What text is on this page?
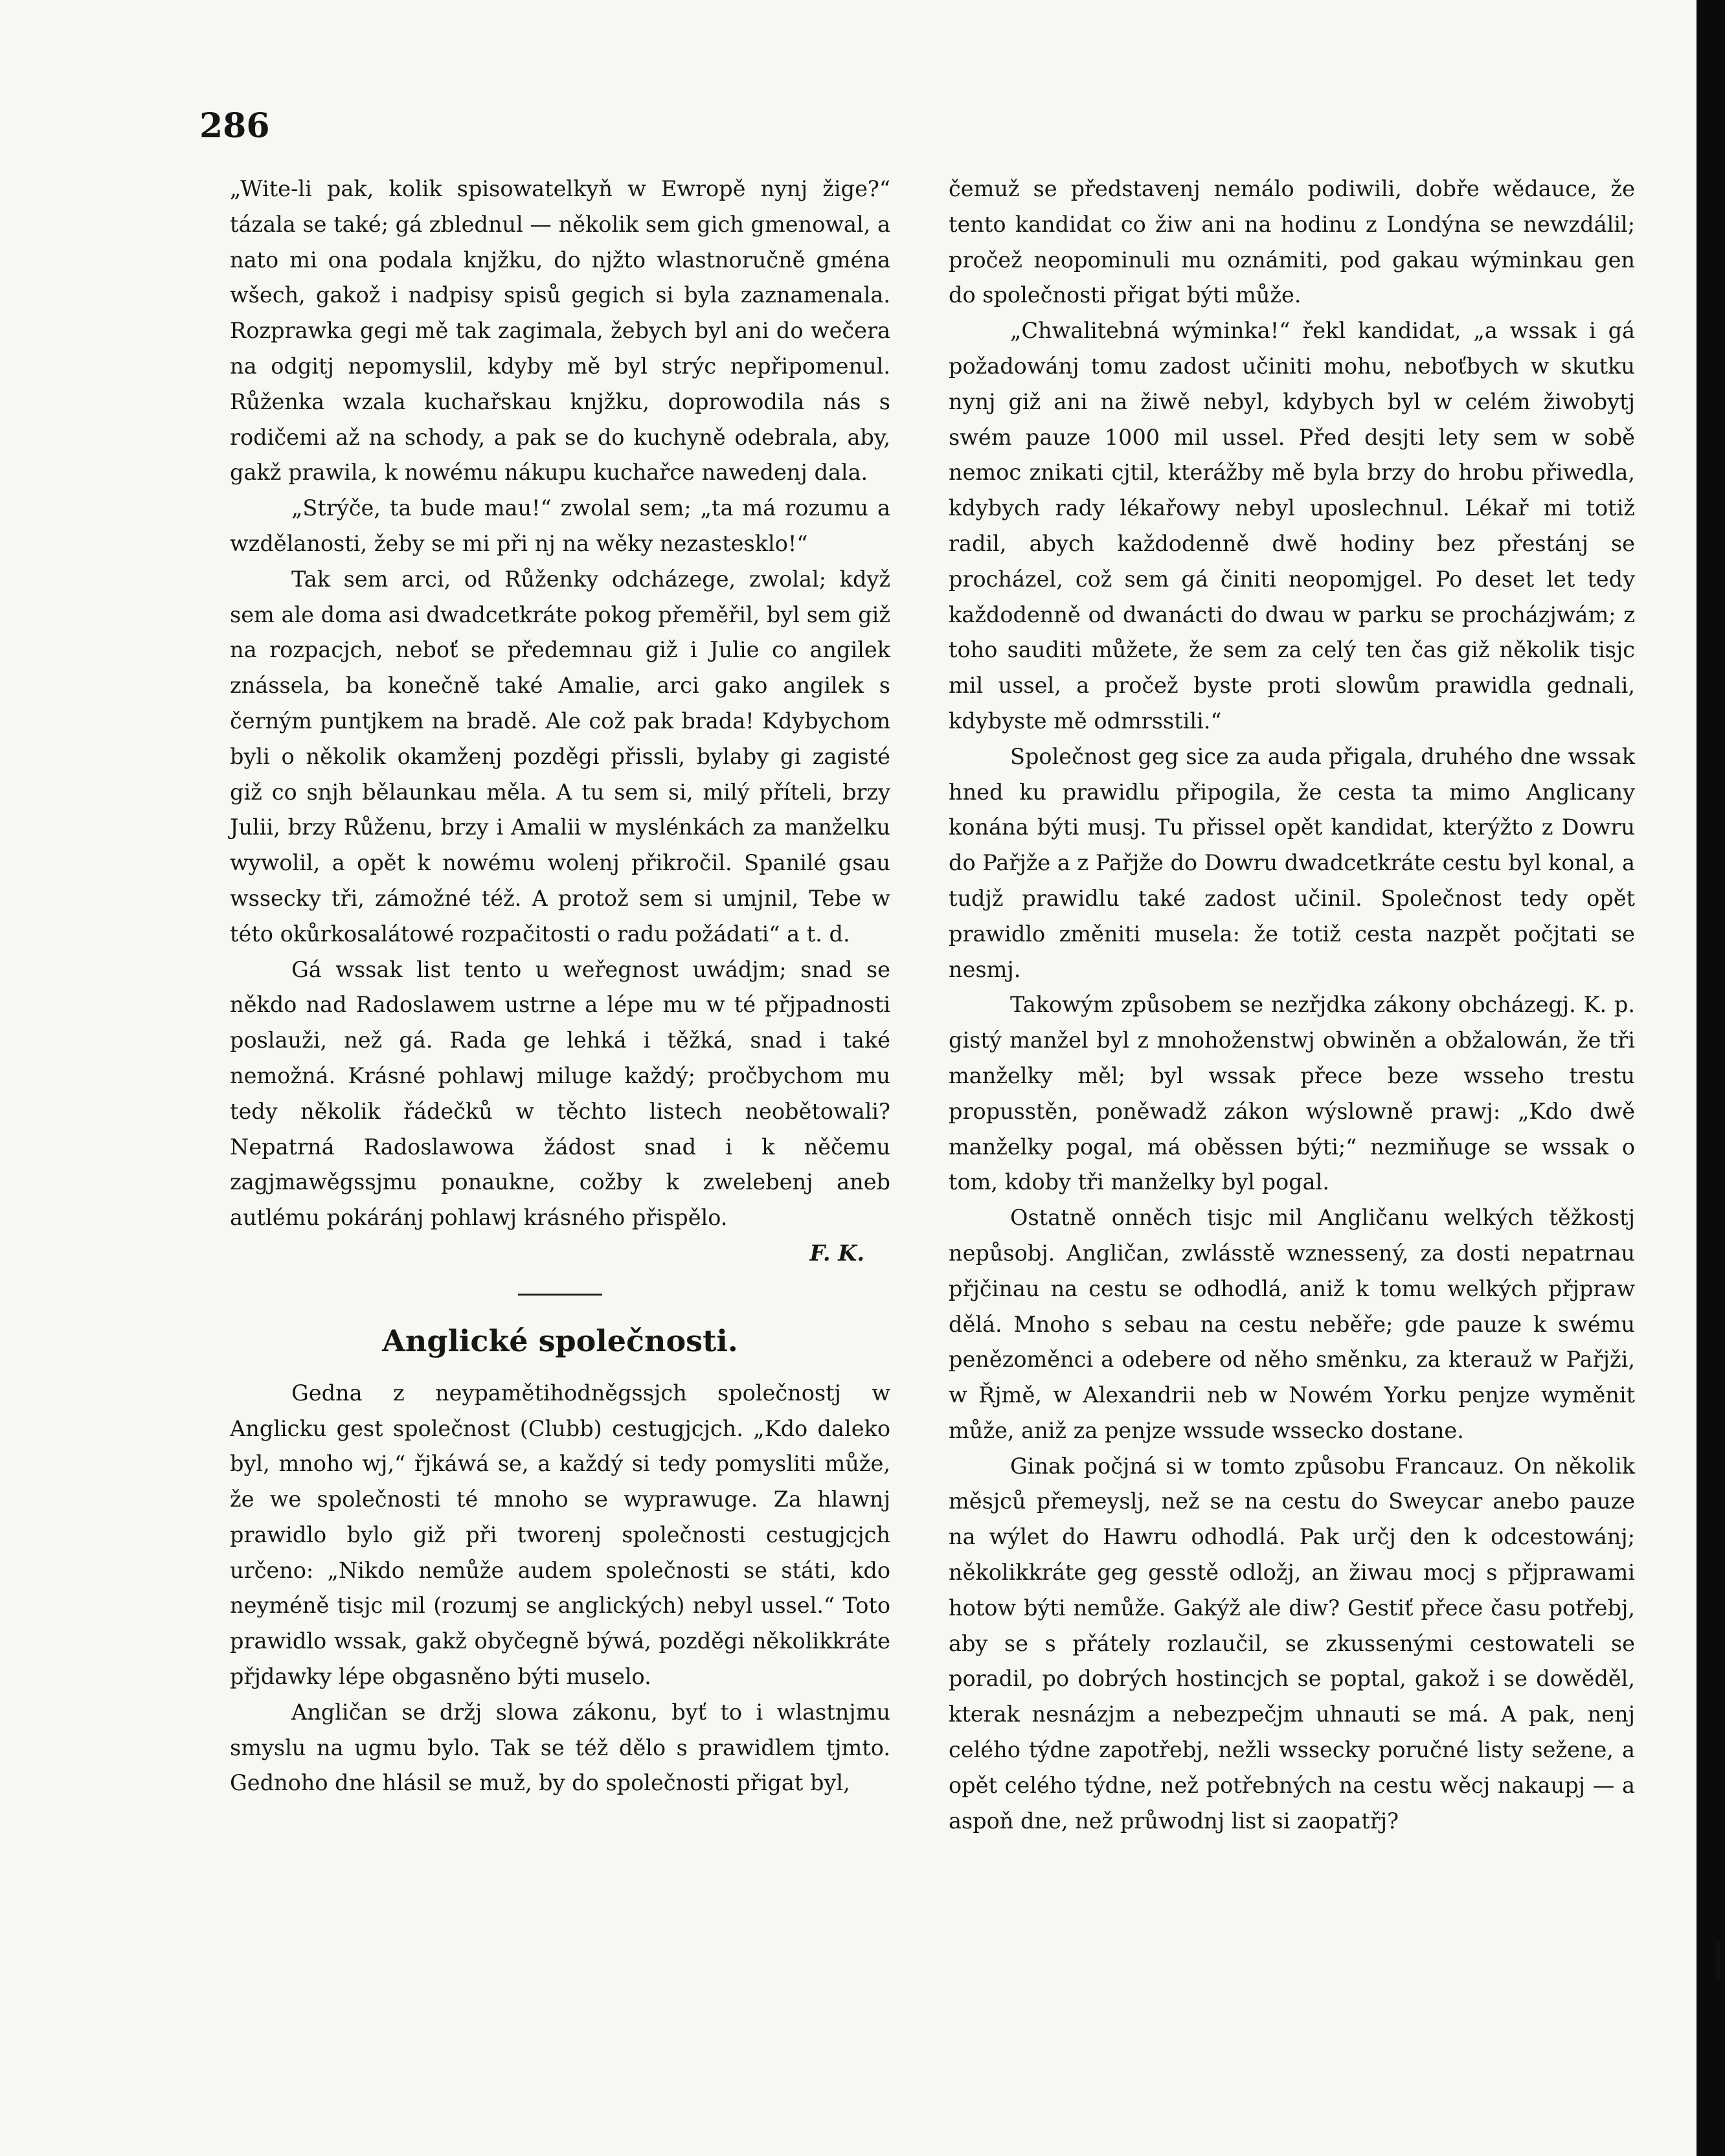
286

„Wite-li pak, kolik spisowatelkyň w Ewropě nynj žige?“ tázala se také; gá zblednul — několik sem gich gmenowal, a nato mi ona podala knjžku, do njžto wlastnoručně gména wšech, gakož i nadpisy spisů gegich si byla zaznamenala. Rozprawka gegi mě tak zagimala, žebych byl ani do wečera na odgitj nepomyslil, kdyby mě byl strýc nepřipomenul. Růženka wzala kuchařskau knjžku, doprowodila nás s rodičemi až na schody, a pak se do kuchyně odebrala, aby, gakž prawila, k nowému nákupu kuchařce nawedenj dala.

„Strýče, ta bude mau!“ zwolal sem; „ta má rozumu a wzdělanosti, žeby se mi při nj na wěky nezastesklo!“

Tak sem arci, od Růženky odcházege, zwolal; když sem ale doma asi dwadcetkráte pokog přeměřil, byl sem giž na rozpacjch, neboť se předemnau giž i Julie co angilek znássela, ba konečně také Amalie, arci gako angilek s černým puntjkem na bradě. Ale což pak brada! Kdybychom byli o několik okamženj pozděgi přissli, bylaby gi zagisté giž co snjh bělaunkau měla. A tu sem si, milý příteli, brzy Julii, brzy Růženu, brzy i Amalii w myslénkách za manželku wywolil, a opět k nowému wolenj přikročil. Spanilé gsau wssecky tři, zámožné též. A protož sem si umjnil, Tebe w této okůrkosalátowé rozpačitosti o radu požádati“ a t. d.

Gá wssak list tento u weřegnost uwádjm; snad se někdo nad Radoslawem ustrne a lépe mu w té přjpadnosti poslauži, než gá. Rada ge lehká i těžká, snad i také nemožná. Krásné pohlawj miluge každý; pročbychom mu tedy několik řádečků w těchto listech neobětowali? Nepatrná Radoslawowa žádost snad i k něčemu zagjmawěgssjmu ponaukne, cožby k zwelebenj aneb autlému pokáránj pohlawj krásného přispělo.

F. K.

Anglické společnosti.

Gedna z neypamětihodněgssjch společnostj w Anglicku gest společnost (Clubb) cestugjcjch. „Kdo daleko byl, mnoho wj,“ řjkáwá se, a každý si tedy pomysliti může, že we společnosti té mnoho se wyprawuge. Za hlawnj prawidlo bylo giž při tworenj společnosti cestugjcjch určeno: „Nikdo nemůže audem společnosti se státi, kdo neyméně tisjc mil (rozumj se anglických) nebyl ussel.“ Toto prawidlo wssak, gakž obyčegně býwá, pozděgi několikkráte přjdawky lépe obgasněno býti muselo.

Angličan se držj slowa zákonu, byť to i wlastnjmu smyslu na ugmu bylo. Tak se též dělo s prawidlem tjmto. Gednoho dne hlásil se muž, by do společnosti přigat byl,

čemuž se představenj nemálo podiwili, dobře wědauce, že tento kandidat co žiw ani na hodinu z Londýna se newzdálil; pročež neopominuli mu oznámiti, pod gakau wýminkau gen do společnosti přigat býti může.

„Chwalitebná wýminka!“ řekl kandidat, „a wssak i gá požadowánj tomu zadost učiniti mohu, neboťbych w skutku nynj giž ani na žiwě nebyl, kdybych byl w celém žiwobytj swém pauze 1000 mil ussel. Před desjti lety sem w sobě nemoc znikati cjtil, kterážby mě byla brzy do hrobu přiwedla, kdybych rady lékařowy nebyl uposlechnul. Lékař mi totiž radil, abych každodenně dwě hodiny bez přestánj se procházel, což sem gá činiti neopomjgel. Po deset let tedy každodenně od dwanácti do dwau w parku se procházjwám; z toho sauditi můžete, že sem za celý ten čas giž několik tisjc mil ussel, a pročež byste proti slowům prawidla gednali, kdybyste mě odmrsstili.“

Společnost geg sice za auda přigala, druhého dne wssak hned ku prawidlu připogila, že cesta ta mimo Anglicany konána býti musj. Tu přissel opět kandidat, kterýžto z Dowru do Pařjže a z Pařjže do Dowru dwadcetkráte cestu byl konal, a tudjž prawidlu také zadost učinil. Společnost tedy opět prawidlo změniti musela: že totiž cesta nazpět počjtati se nesmj.

Takowým způsobem se nezřjdka zákony obcházegj. K. p. gistý manžel byl z mnohoženstwj obwiněn a obžalowán, že tři manželky měl; byl wssak přece beze wsseho trestu propusstěn, poněwadž zákon wýslowně prawj: „Kdo dwě manželky pogal, má oběssen býti;“ nezmiňuge se wssak o tom, kdoby tři manželky byl pogal.

Ostatně onněch tisjc mil Angličanu welkých těžkostj nepůsobj. Angličan, zwlásstě wznessený, za dosti nepatrnau přjčinau na cestu se odhodlá, aniž k tomu welkých přjpraw dělá. Mnoho s sebau na cestu neběře; gde pauze k swému penězoměnci a odebere od něho směnku, za kterauž w Pařjži, w Řjmě, w Alexandrii neb w Nowém Yorku penjze wyměnit může, aniž za penjze wssude wssecko dostane.

Ginak počjná si w tomto způsobu Francauz. On několik měsjců přemeyslj, než se na cestu do Sweycar anebo pauze na wýlet do Hawru odhodlá. Pak určj den k odcestowánj; několikkráte geg gesstě odložj, an žiwau mocj s přjprawami hotow býti nemůže. Gakýž ale diw? Gestiť přece času potřebj, aby se s přátely rozlaučil, se zkussenými cestowateli se poradil, po dobrých hostincjch se poptal, gakož i se dowěděl, kterak nesnázjm a nebezpečjm uhnauti se má. A pak, nenj celého týdne zapotřebj, nežli wssecky poručné listy sežene, a opět celého týdne, než potřebných na cestu wěcj nakaupj — a aspoň dne, než průwodnj list si zaopatřj?
